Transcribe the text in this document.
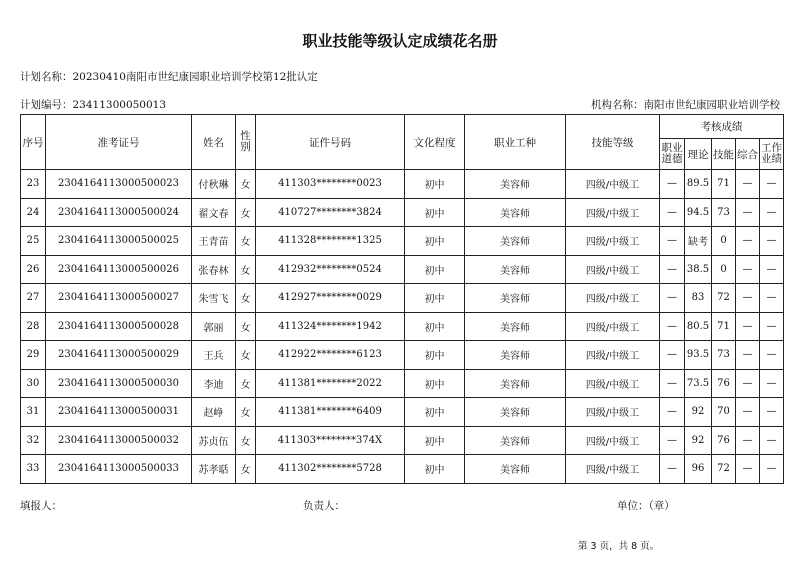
职业技能等级认定成绩花名册
计划名称：20230410南阳市世纪康园职业培训学校第12批认定
计划编号：23411300050013	机构名称：南阳市世纪康园职业培训学校
序号	准考证号	姓名	性别	证件号码	文化程度	职业工种	技能等级	考核成绩				
								职业道德	理论	技能	综合	工作业绩
23	2304164113000500023	付秋琳	女	411303********0023	初中	美容师	四级/中级工	—	89.5	71	—	—
24	2304164113000500024	翟文春	女	410727********3824	初中	美容师	四级/中级工	—	94.5	73	—	—
25	2304164113000500025	王青苗	女	411328********1325	初中	美容师	四级/中级工	—	缺考	0	—	—
26	2304164113000500026	张春林	女	412932********0524	初中	美容师	四级/中级工	—	38.5	0	—	—
27	2304164113000500027	朱雪飞	女	412927********0029	初中	美容师	四级/中级工	—	83	72	—	—
28	2304164113000500028	郭丽	女	411324********1942	初中	美容师	四级/中级工	—	80.5	71	—	—
29	2304164113000500029	王兵	女	412922********6123	初中	美容师	四级/中级工	—	93.5	73	—	—
30	2304164113000500030	李迪	女	411381********2022	初中	美容师	四级/中级工	—	73.5	76	—	—
31	2304164113000500031	赵峥	女	411381********6409	初中	美容师	四级/中级工	—	92	70	—	—
32	2304164113000500032	苏贞伍	女	411303********374X	初中	美容师	四级/中级工	—	92	76	—	—
33	2304164113000500033	苏孝聒	女	411302********5728	初中	美容师	四级/中级工	—	96	72	—	—
填报人：	负责人：	单位：（章）
第 3 页，共 8 页。
